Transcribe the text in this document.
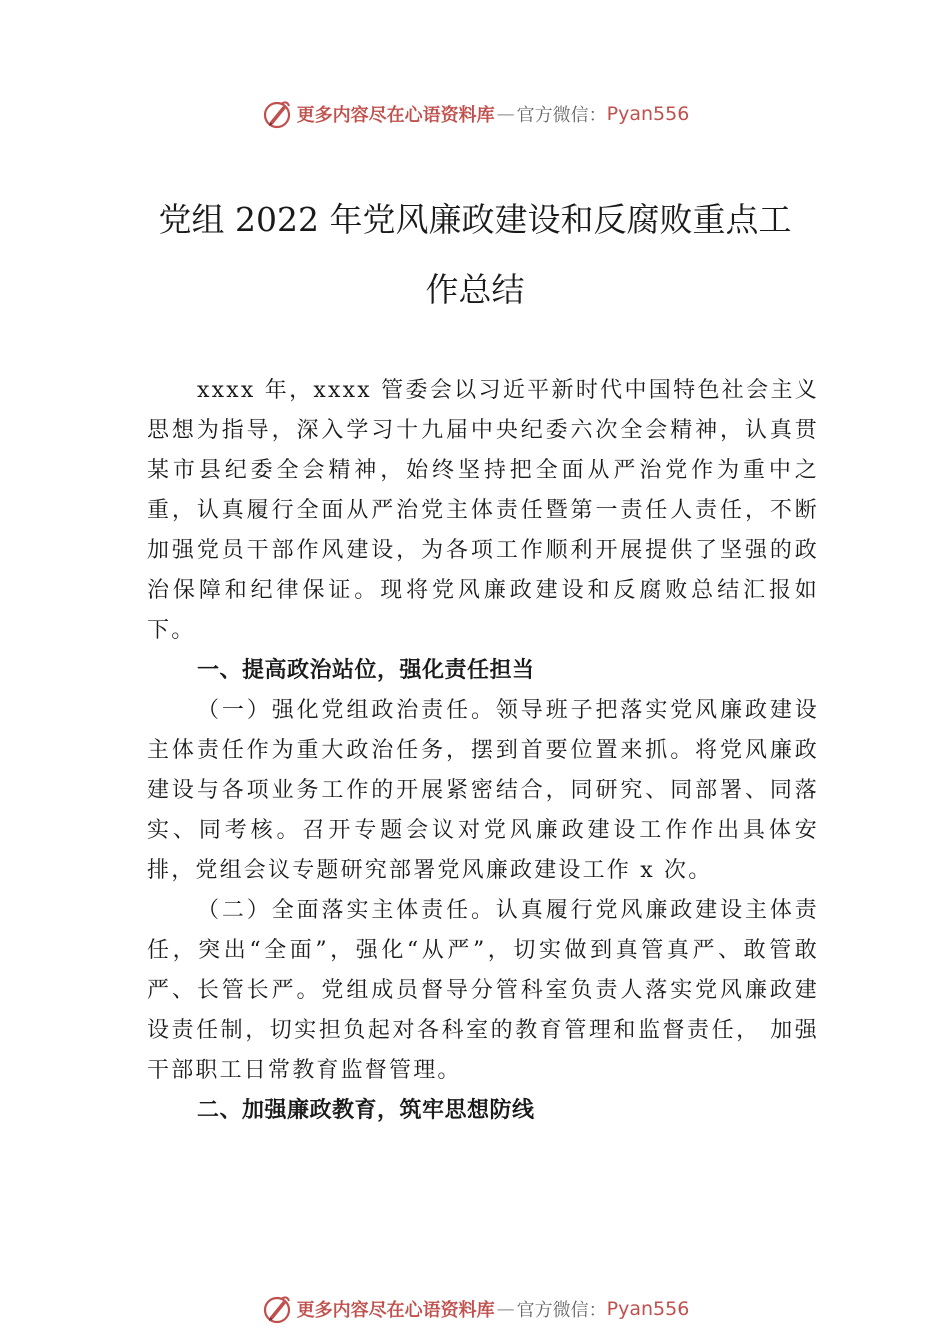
更多内容尽在心语资料库 — 官方微信： Pyan556
党组 2022 年党风廉政建设和反腐败重点工
作总结

xxxx 年，xxxx 管委会以习近平新时代中国特色社会主义思想为指导，深入学习十九届中央纪委六次全会精神，认真贯某市县纪委全会精神，始终坚持把全面从严治党作为重中之重，认真履行全面从严治党主体责任暨第一责任人责任，不断加强党员干部作风建设，为各项工作顺利开展提供了坚强的政治保障和纪律保证。现将党风廉政建设和反腐败总结汇报如下。

一、提高政治站位，强化责任担当

（一）强化党组政治责任。领导班子把落实党风廉政建设主体责任作为重大政治任务，摆到首要位置来抓。将党风廉政建设与各项业务工作的开展紧密结合，同研究、同部署、同落实、同考核。召开专题会议对党风廉政建设工作作出具体安排，党组会议专题研究部署党风廉政建设工作 x 次。

（二）全面落实主体责任。认真履行党风廉政建设主体责任，突出“全面”，强化“从严”，切实做到真管真严、敢管敢严、长管长严。党组成员督导分管科室负责人落实党风廉政建设责任制，切实担负起对各科室的教育管理和监督责任， 加强干部职工日常教育监督管理。

二、加强廉政教育，筑牢思想防线

更多内容尽在心语资料库 — 官方微信： Pyan556
